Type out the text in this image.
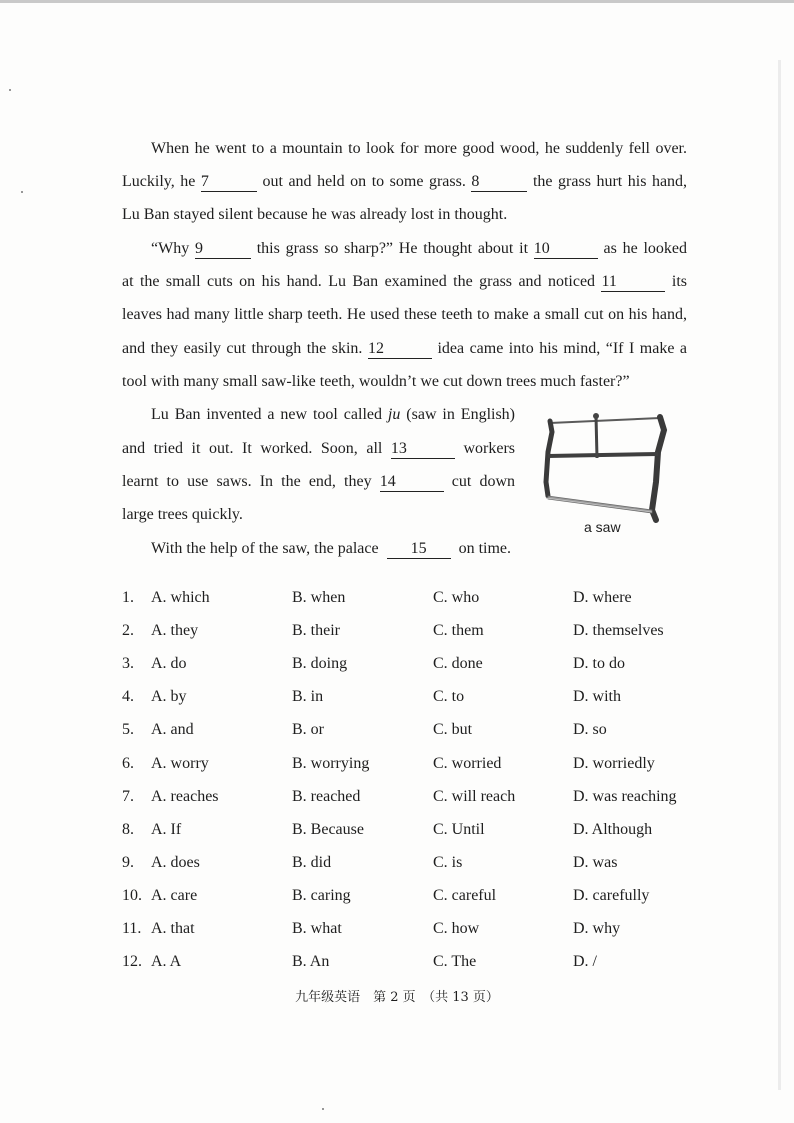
When he went to a mountain to look for more good wood, he suddenly fell over.
Luckily, he 7	out and held on to some grass. 8	the grass hurt his hand,
Lu Ban stayed silent because he was already lost in thought.
“Why 9	this grass so sharp?” He thought about it 10	as he looked
at the small cuts on his hand. Lu Ban examined the grass and noticed 11	its
leaves had many little sharp teeth. He used these teeth to make a small cut on his hand,
and they easily cut through the skin. 12	idea came into his mind, “If I make a
tool with many small saw-like teeth, wouldn’t we cut down trees much faster?”
Lu Ban invented a new tool called ju (saw in English)
and tried it out. It worked. Soon, all 13	workers
learnt to use saws. In the end, they 14	cut down
large trees quickly.
With the help of the saw, the palace 15 on time.
a saw
1. A. which	B. when	C. who	D. where
2. A. they	B. their	C. them	D. themselves
3. A. do	B. doing	C. done	D. to do
4. A. by	B. in	C. to	D. with
5. A. and	B. or	C. but	D. so
6. A. worry	B. worrying	C. worried	D. worriedly
7. A. reaches	B. reached	C. will reach	D. was reaching
8. A. If	B. Because	C. Until	D. Although
9. A. does	B. did	C. is	D. was
10. A. care	B. caring	C. careful	D. carefully
11. A. that	B. what	C. how	D. why
12. A. A	B. An	C. The	D. /
九年级英语　第 2 页　（共 13 页）
